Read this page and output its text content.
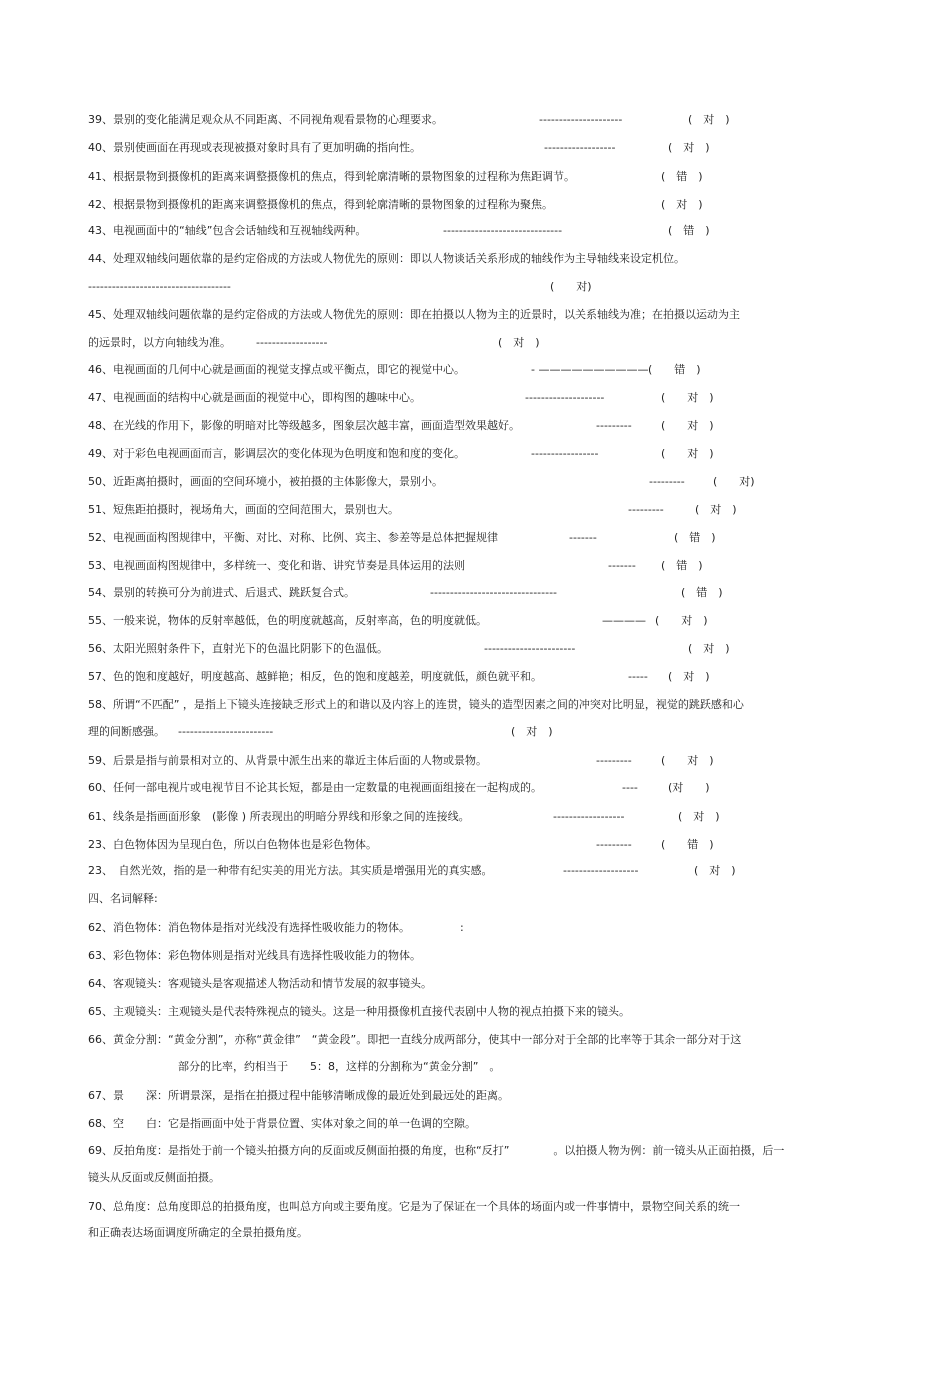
39、景别的变化能满足观众从不同距离、不同视角观看景物的心理要求。	---------------------	(　对　)
40、景别使画面在再现或表现被摄对象时具有了更加明确的指向性。	------------------	(　对　)
41、根据景物到摄像机的距离来调整摄像机的焦点，得到轮廓清晰的景物图象的过程称为焦距调节。	(　错　)
42、根据景物到摄像机的距离来调整摄像机的焦点，得到轮廓清晰的景物图象的过程称为聚焦。	(　对　)
43、电视画面中的“轴线”包含会话轴线和互视轴线两种。	------------------------------	(　错　)
44、处理双轴线问题依靠的是约定俗成的方法或人物优先的原则：即以人物谈话关系形成的轴线作为主导轴线来设定机位。
------------------------------------	(　　对)
45、处理双轴线问题依靠的是约定俗成的方法或人物优先的原则：即在拍摄以人物为主的近景时，以关系轴线为准；在拍摄以运动为主
的远景时，以方向轴线为准。 ------------------	(　对　)
46、电视画面的几何中心就是画面的视觉支撑点或平衡点，即它的视觉中心。	- —————————— (　　错　)
47、电视画面的结构中心就是画面的视觉中心，即构图的趣味中心。	--------------------	(　　对　)
48、在光线的作用下，影像的明暗对比等级越多，图象层次越丰富，画面造型效果越好。	---------	(　　对　)
49、对于彩色电视画面而言，影调层次的变化体现为色明度和饱和度的变化。	-----------------	(　　对　)
50、近距离拍摄时，画面的空间环境小，被拍摄的主体影像大，景别小。	---------	(　　对)
51、短焦距拍摄时，视场角大，画面的空间范围大，景别也大。	---------	(　对　)
52、电视画面构图规律中，平衡、对比、对称、比例、宾主、参差等是总体把握规律	-------	(　错　)
53、电视画面构图规律中，多样统一、变化和谐、讲究节奏是具体运用的法则	------- (　错　)
54、景别的转换可分为前进式、后退式、跳跃复合式。	--------------------------------	(　错　)
55、一般来说，物体的反射率越低，色的明度就越高，反射率高，色的明度就低。	———— (　　对　)
56、太阳光照射条件下，直射光下的色温比阴影下的色温低。	-----------------------	(　对　)
57、色的饱和度越好，明度越高、越鲜艳；相反，色的饱和度越差，明度就低，颜色就平和。	----- (　对　)
58、所谓“不匹配” ，是指上下镜头连接缺乏形式上的和谐以及内容上的连贯，镜头的造型因素之间的冲突对比明显，视觉的跳跃感和心
理的间断感强。 ------------------------	(　对　)
59、后景是指与前景相对立的、从背景中派生出来的靠近主体后面的人物或景物。	---------	(　　对　)
60、任何一部电视片或电视节目不论其长短，都是由一定数量的电视画面组接在一起构成的。	----	(对　　)
61、线条是指画面形象　(影像 ) 所表现出的明暗分界线和形象之间的连接线。	------------------	(　对　)
23、白色物体因为呈现白色，所以白色物体也是彩色物体。	---------	(　　错　)
23、　自然光效，指的是一种带有纪实美的用光方法。其实质是增强用光的真实感。	-------------------	(　对　)
四、名词解释:
62、消色物体：消色物体是指对光线没有选择性吸收能力的物体。	:
63、彩色物体：彩色物体则是指对光线具有选择性吸收能力的物体。
64、客观镜头：客观镜头是客观描述人物活动和情节发展的叙事镜头。
65、主观镜头：主观镜头是代表特殊视点的镜头。这是一种用摄像机直接代表剧中人物的视点拍摄下来的镜头。
66、黄金分割：“黄金分割”，亦称“黄金律”　“黄金段”。即把一直线分成两部分，使其中一部分对于全部的比率等于其余一部分对于这
部分的比率，约相当于　　5：8，这样的分割称为“黄金分割”　。
67、景　　深：所谓景深，是指在拍摄过程中能够清晰成像的最近处到最远处的距离。
68、空　　白：它是指画面中处于背景位置、实体对象之间的单一色调的空隙。
69、反拍角度：是指处于前一个镜头拍摄方向的反面或反侧面拍摄的角度，也称“反打”　　　　。以拍摄人物为例：前一镜头从正面拍摄，后一
镜头从反面或反侧面拍摄。
70、总角度：总角度即总的拍摄角度，也叫总方向或主要角度。它是为了保证在一个具体的场面内或一件事情中，景物空间关系的统一
和正确表达场面调度所确定的全景拍摄角度。
